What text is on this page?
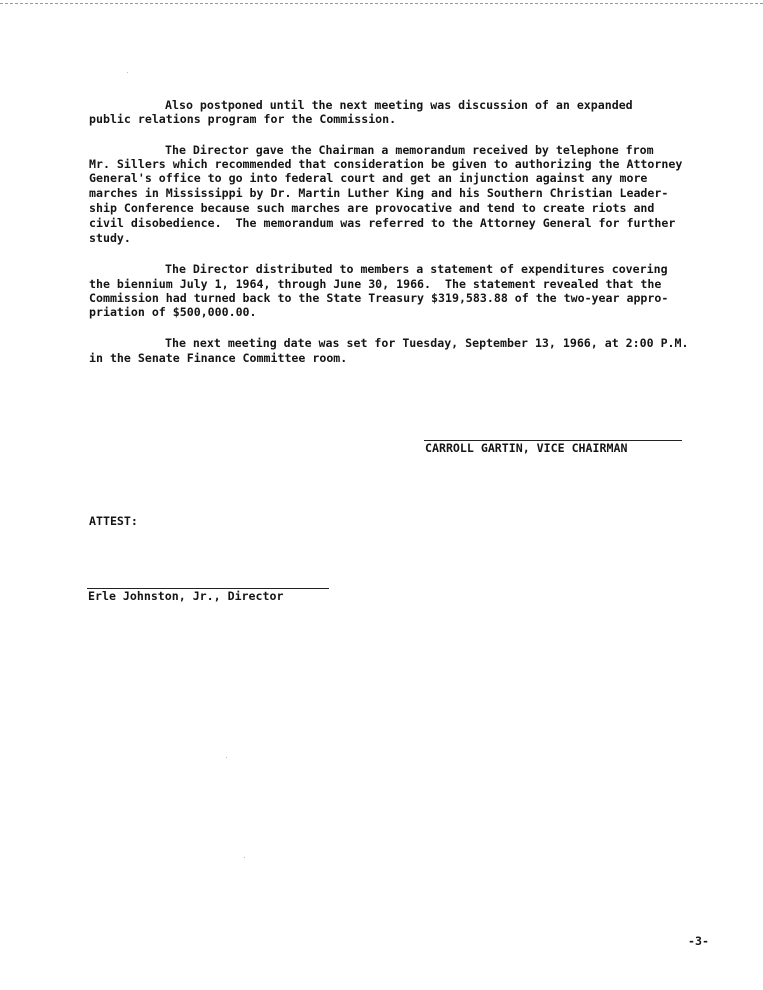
Also postponed until the next meeting was discussion of an expanded
public relations program for the Commission.
The Director gave the Chairman a memorandum received by telephone from
Mr. Sillers which recommended that consideration be given to authorizing the Attorney
General's office to go into federal court and get an injunction against any more
marches in Mississippi by Dr. Martin Luther King and his Southern Christian Leader-
ship Conference because such marches are provocative and tend to create riots and
civil disobedience.  The memorandum was referred to the Attorney General for further
study.
The Director distributed to members a statement of expenditures covering
the biennium July 1, 1964, through June 30, 1966.  The statement revealed that the
Commission had turned back to the State Treasury $319,583.88 of the two-year appro-
priation of $500,000.00.
The next meeting date was set for Tuesday, September 13, 1966, at 2:00 P.M.
in the Senate Finance Committee room.
CARROLL GARTIN, VICE CHAIRMAN
ATTEST:
Erle Johnston, Jr., Director
-3-
